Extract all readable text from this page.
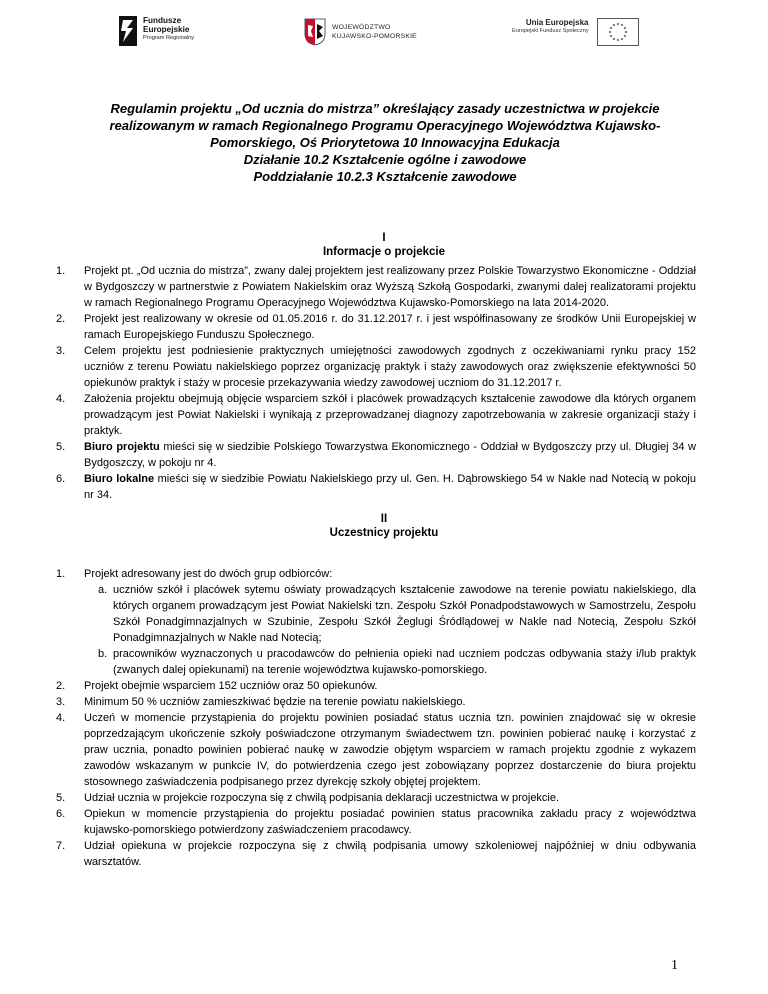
Fundusze
Europejskie
Program Regionalny
WOJEWÓDZTWO
KUJAWSKO-POMORSKIE
Unia Europejska
Europejski Fundusz Społeczny
Regulamin projektu „Od ucznia do mistrza” określający zasady uczestnictwa w projekcie
realizowanym w ramach Regionalnego Programu Operacyjnego Województwa Kujawsko-
Pomorskiego, Oś Priorytetowa 10 Innowacyjna Edukacja
Działanie 10.2 Kształcenie ogólne i zawodowe
Poddziałanie 10.2.3 Kształcenie zawodowe
I
Informacje o projekcie
1.	Projekt pt. „Od ucznia do mistrza”, zwany dalej projektem jest realizowany przez Polskie Towarzystwo Ekonomiczne - Oddział w Bydgoszczy w partnerstwie z Powiatem Nakielskim oraz Wyższą Szkołą Gospodarki, zwanymi dalej realizatorami projektu w ramach Regionalnego Programu Operacyjnego Województwa Kujawsko-Pomorskiego na lata 2014-2020.
2.	Projekt jest realizowany w okresie od 01.05.2016 r. do 31.12.2017 r. i jest współfinasowany ze środków Unii Europejskiej w ramach Europejskiego Funduszu Społecznego.
3.	Celem projektu jest podniesienie praktycznych umiejętności zawodowych zgodnych z oczekiwaniami rynku pracy 152 uczniów z terenu Powiatu nakielskiego poprzez organizację praktyk i staży zawodowych oraz zwiększenie efektywności 50 opiekunów praktyk i staży w procesie przekazywania wiedzy zawodowej uczniom do 31.12.2017 r.
4.	Założenia projektu obejmują objęcie wsparciem szkół i placówek prowadzących kształcenie zawodowe dla których organem prowadzącym jest Powiat Nakielski i wynikają z przeprowadzanej diagnozy zapotrzebowania w zakresie organizacji staży i praktyk.
5.	Biuro projektu mieści się w siedzibie Polskiego Towarzystwa Ekonomicznego - Oddział w Bydgoszczy przy ul. Długiej 34 w Bydgoszczy, w pokoju nr 4.
6.	Biuro lokalne mieści się w siedzibie Powiatu Nakielskiego przy ul. Gen. H. Dąbrowskiego 54 w Nakle nad Notecią w pokoju nr 34.
II
Uczestnicy projektu
1.	Projekt adresowany jest do dwóch grup odbiorców:
a. uczniów szkół i placówek sytemu oświaty prowadzących kształcenie zawodowe na terenie powiatu nakielskiego, dla których organem prowadzącym jest Powiat Nakielski tzn. Zespołu Szkół Ponadpodstawowych w Samostrzelu, Zespołu Szkół Ponadgimnazjalnych w Szubinie, Zespołu Szkół Żeglugi Śródlądowej w Nakle nad Notecią, Zespołu Szkół Ponadgimnazjalnych w Nakle nad Notecią;
b. pracowników wyznaczonych u pracodawców do pełnienia opieki nad uczniem podczas odbywania staży i/lub praktyk (zwanych dalej opiekunami) na terenie województwa kujawsko-pomorskiego.
2.	Projekt obejmie wsparciem 152 uczniów oraz 50 opiekunów.
3.	Minimum 50 % uczniów zamieszkiwać będzie na terenie powiatu nakielskiego.
4.	Uczeń w momencie przystąpienia do projektu powinien posiadać status ucznia tzn. powinien znajdować się w okresie poprzedzającym ukończenie szkoły poświadczone otrzymanym świadectwem tzn. powinien pobierać naukę i korzystać z praw ucznia, ponadto powinien pobierać naukę w zawodzie objętym wsparciem w ramach projektu zgodnie z wykazem zawodów wskazanym w punkcie IV, do potwierdzenia czego jest zobowiązany poprzez dostarczenie do biura projektu stosownego zaświadczenia podpisanego przez dyrekcję szkoły objętej projektem.
5.	Udział ucznia w projekcie rozpoczyna się z chwilą podpisania deklaracji uczestnictwa w projekcie.
6.	Opiekun w momencie przystąpienia do projektu posiadać powinien status pracownika zakładu pracy z województwa kujawsko-pomorskiego potwierdzony zaświadczeniem pracodawcy.
7.	Udział opiekuna w projekcie rozpoczyna się z chwilą podpisania umowy szkoleniowej najpóźniej w dniu odbywania warsztatów.
1
